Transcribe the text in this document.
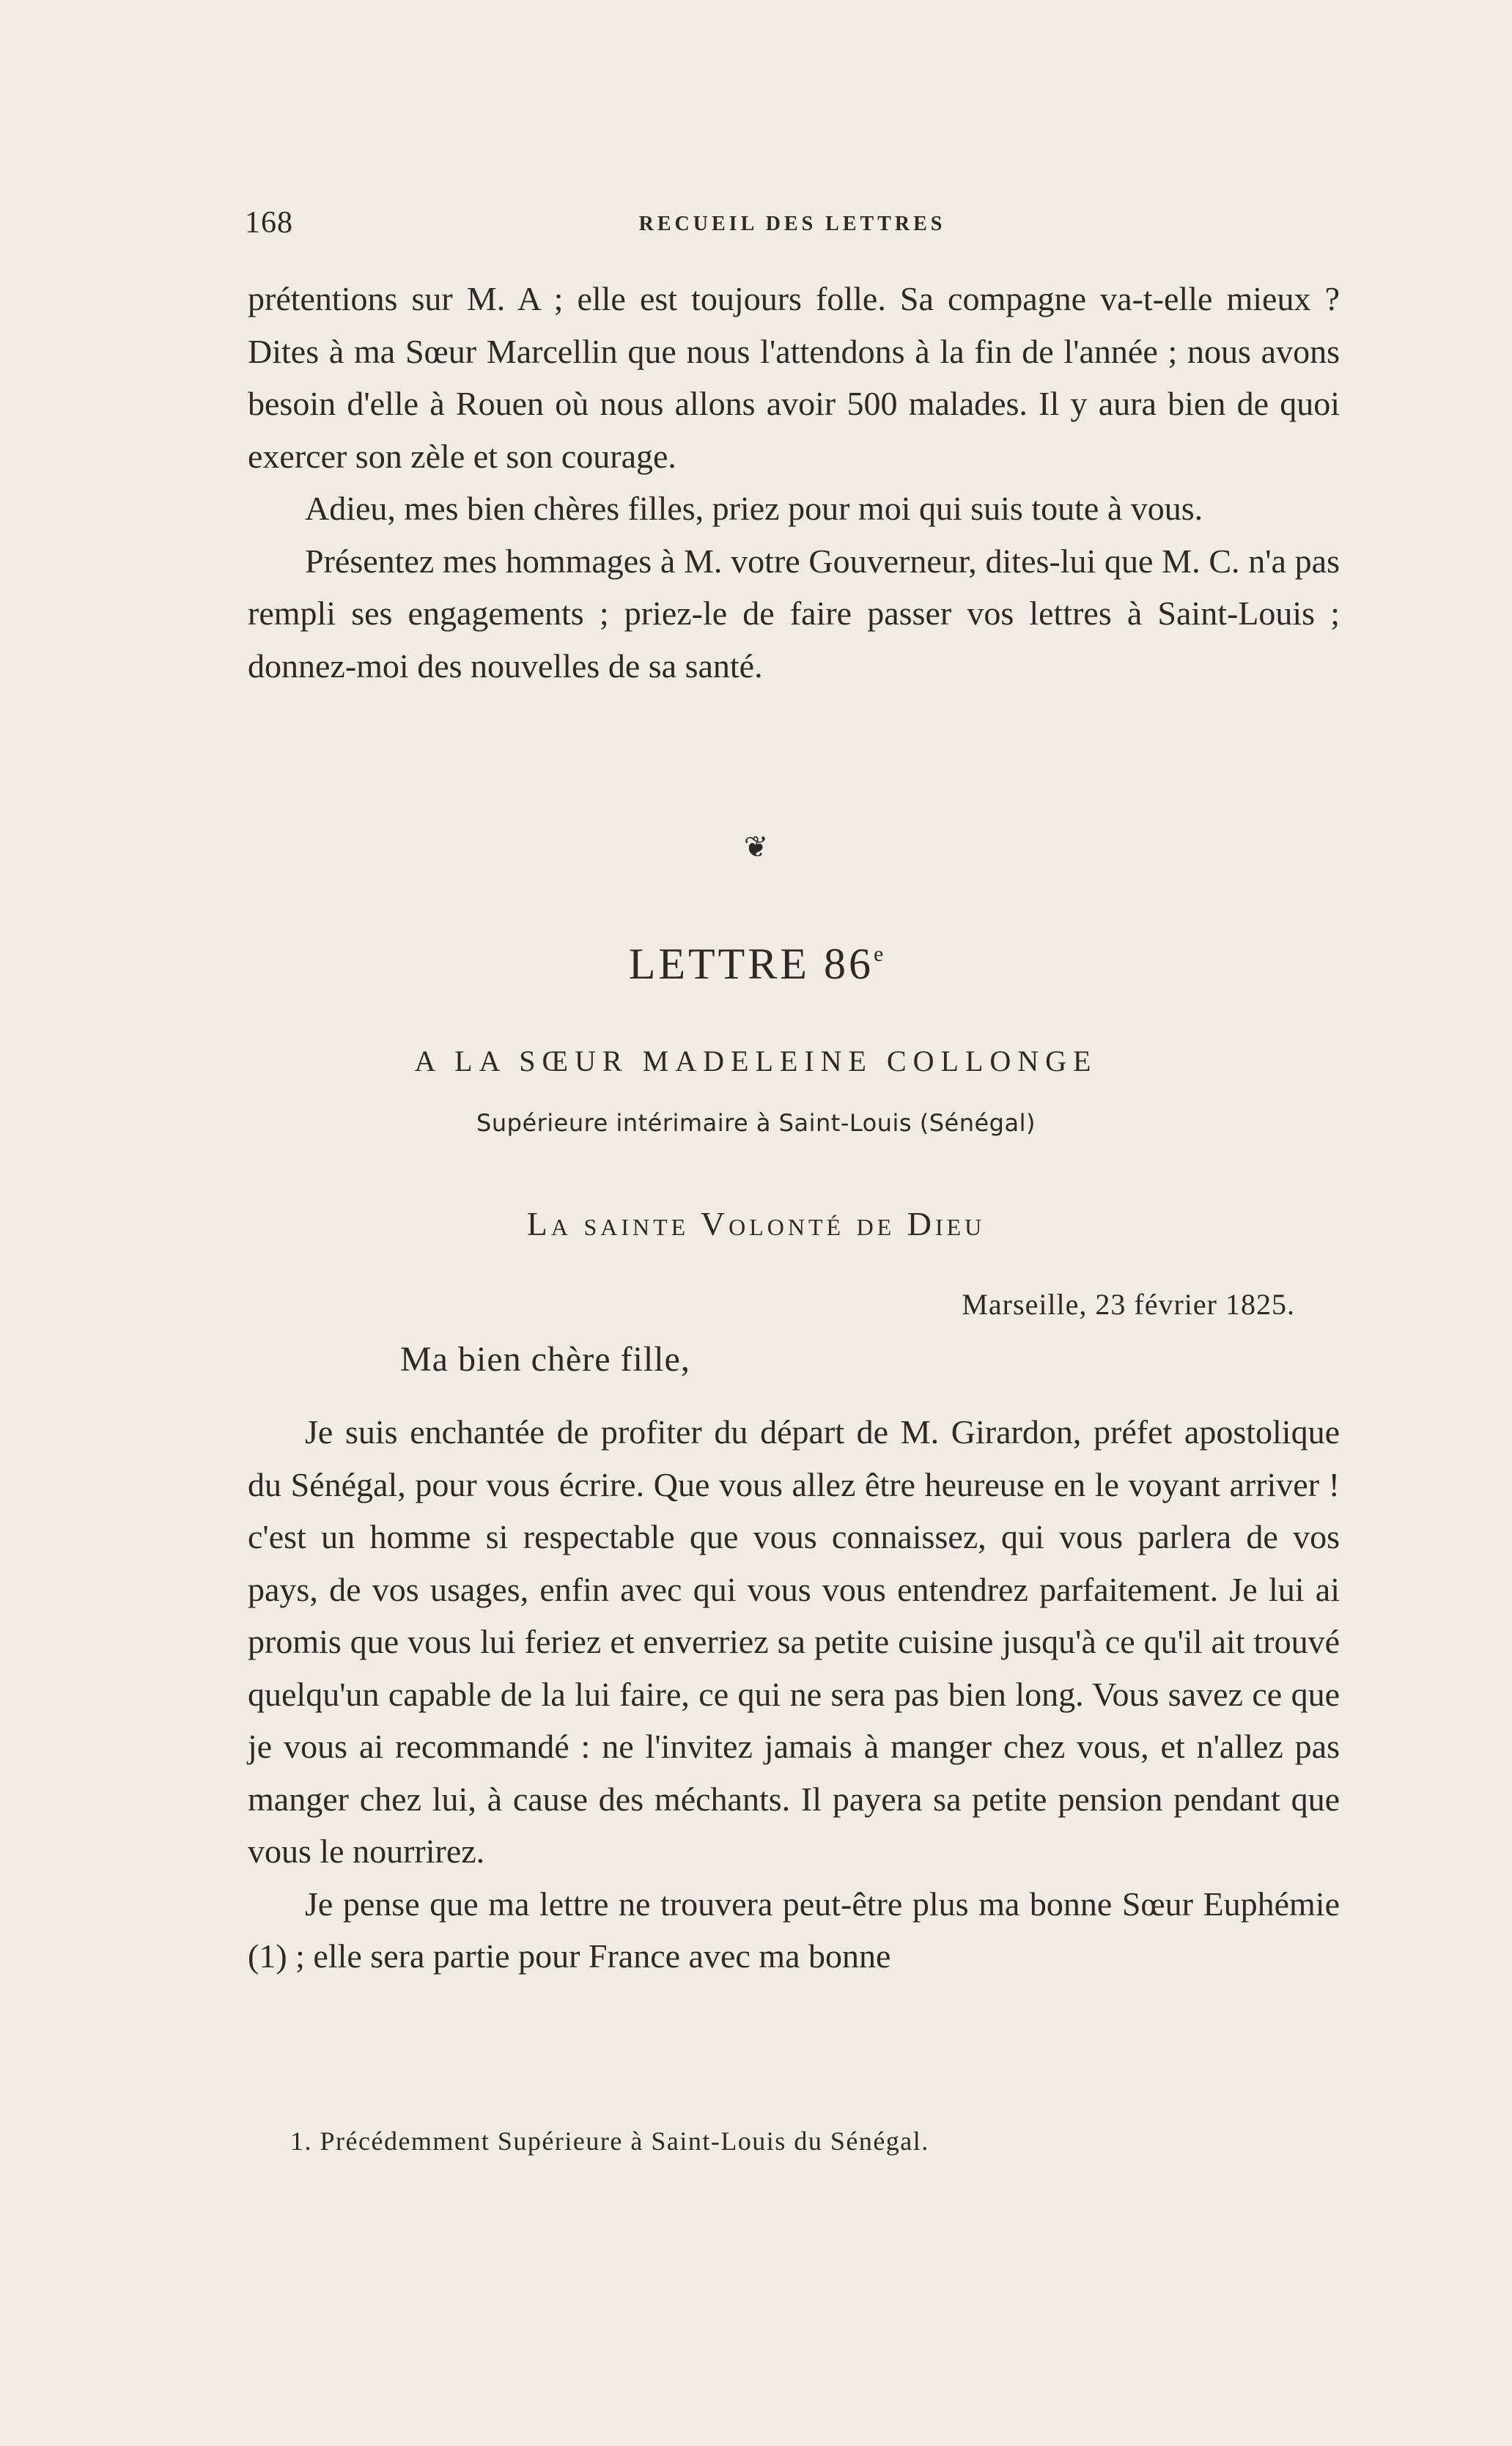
168	RECUEIL DES LETTRES

prétentions sur M. A ; elle est toujours folle. Sa compagne va-t-elle mieux ? Dites à ma Sœur Marcellin que nous l'attendons à la fin de l'année ; nous avons besoin d'elle à Rouen où nous allons avoir 500 malades. Il y aura bien de quoi exercer son zèle et son courage.

Adieu, mes bien chères filles, priez pour moi qui suis toute à vous.

Présentez mes hommages à M. votre Gouverneur, dites-lui que M. C. n'a pas rempli ses engagements ; priez-le de faire passer vos lettres à Saint-Louis ; donnez-moi des nouvelles de sa santé.

❦
LETTRE 86e
A LA SŒUR MADELEINE COLLONGE
Supérieure intérimaire à Saint-Louis (Sénégal)
La sainte Volonté de Dieu
Marseille, 23 février 1825.
Ma bien chère fille,

Je suis enchantée de profiter du départ de M. Girardon, préfet apostolique du Sénégal, pour vous écrire. Que vous allez être heureuse en le voyant arriver ! c'est un homme si respectable que vous connaissez, qui vous parlera de vos pays, de vos usages, enfin avec qui vous vous entendrez parfaitement. Je lui ai promis que vous lui feriez et enverriez sa petite cuisine jusqu'à ce qu'il ait trouvé quelqu'un capable de la lui faire, ce qui ne sera pas bien long. Vous savez ce que je vous ai recommandé : ne l'invitez jamais à manger chez vous, et n'allez pas manger chez lui, à cause des méchants. Il payera sa petite pension pendant que vous le nourrirez.

Je pense que ma lettre ne trouvera peut-être plus ma bonne Sœur Euphémie (1) ; elle sera partie pour France avec ma bonne

1. Précédemment Supérieure à Saint-Louis du Sénégal.
